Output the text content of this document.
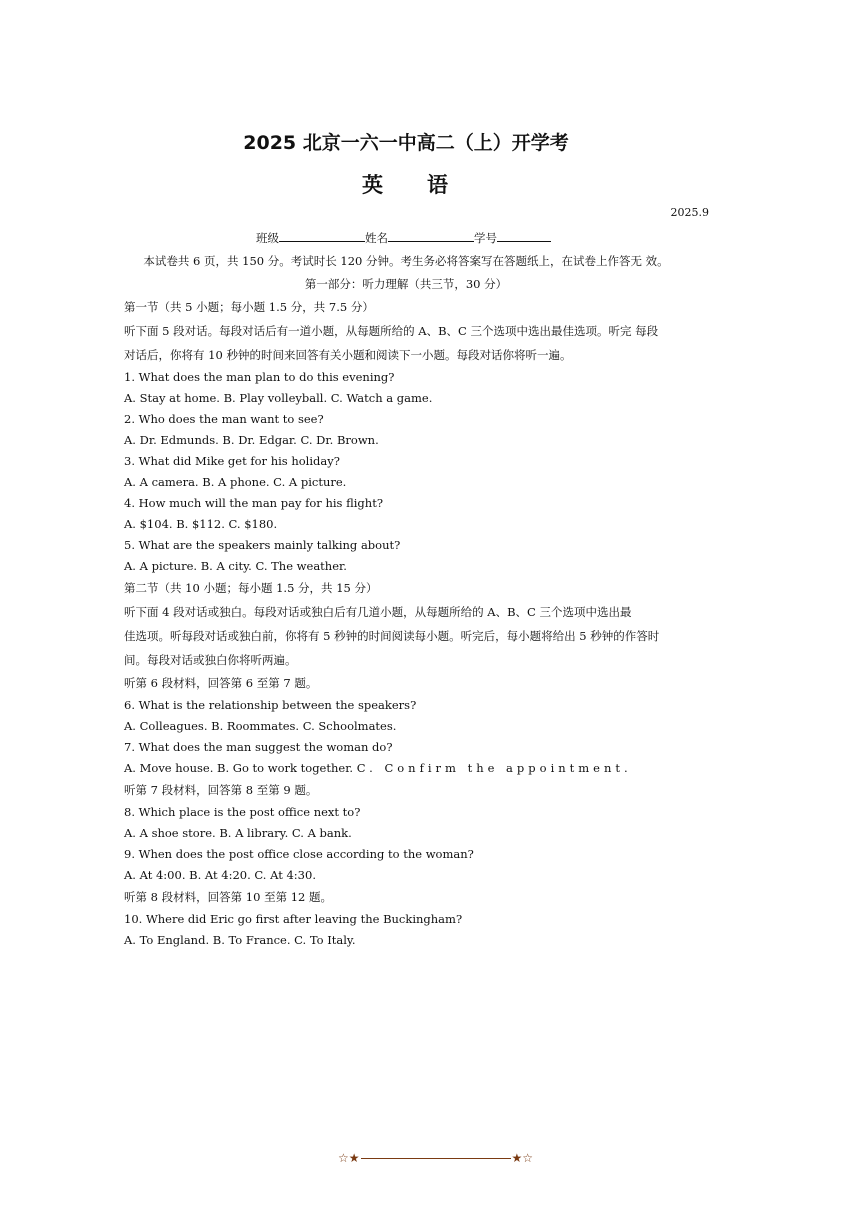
2025 北京一六一中高二（上）开学考
英 语
2025.9
班级	姓名	学号
本试卷共 6 页，共 150 分。考试时长 120 分钟。考生务必将答案写在答题纸上，在试卷上作答无 效。
第一部分：听力理解（共三节，30 分）
第一节（共 5 小题；每小题 1.5 分，共 7.5 分）
听下面 5 段对话。每段对话后有一道小题，从每题所给的 A、B、C 三个选项中选出最佳选项。听完 每段
对话后，你将有 10 秒钟的时间来回答有关小题和阅读下一小题。每段对话你将听一遍。
1. What does the man plan to do this evening?
A. Stay at home. B. Play volleyball. C. Watch a game.
2. Who does the man want to see?
A. Dr. Edmunds. B. Dr. Edgar. C. Dr. Brown.
3. What did Mike get for his holiday?
A. A camera. B. A phone. C. A picture.
4. How much will the man pay for his flight?
A. $104. B. $112. C. $180.
5. What are the speakers mainly talking about?
A. A picture. B. A city. C. The weather.
第二节（共 10 小题；每小题 1.5 分，共 15 分）
听下面 4 段对话或独白。每段对话或独白后有几道小题，从每题所给的 A、B、C 三个选项中选出最
佳选项。听每段对话或独白前，你将有 5 秒钟的时间阅读每小题。听完后，每小题将给出 5 秒钟的作答时
间。每段对话或独白你将听两遍。
听第 6 段材料，回答第 6 至第 7 题。
6. What is the relationship between the speakers?
A. Colleagues. B. Roommates. C. Schoolmates.
7. What does the man suggest the woman do?
A. Move house. B. Go to work together. C. Confirm the appointment.
听第 7 段材料，回答第 8 至第 9 题。
8. Which place is the post office next to?
A. A shoe store. B. A library. C. A bank.
9. When does the post office close according to the woman?
A. At 4:00. B. At 4:20. C. At 4:30.
听第 8 段材料，回答第 10 至第 12 题。
10. Where did Eric go first after leaving the Buckingham?
A. To England. B. To France. C. To Italy.
☆★	★☆
